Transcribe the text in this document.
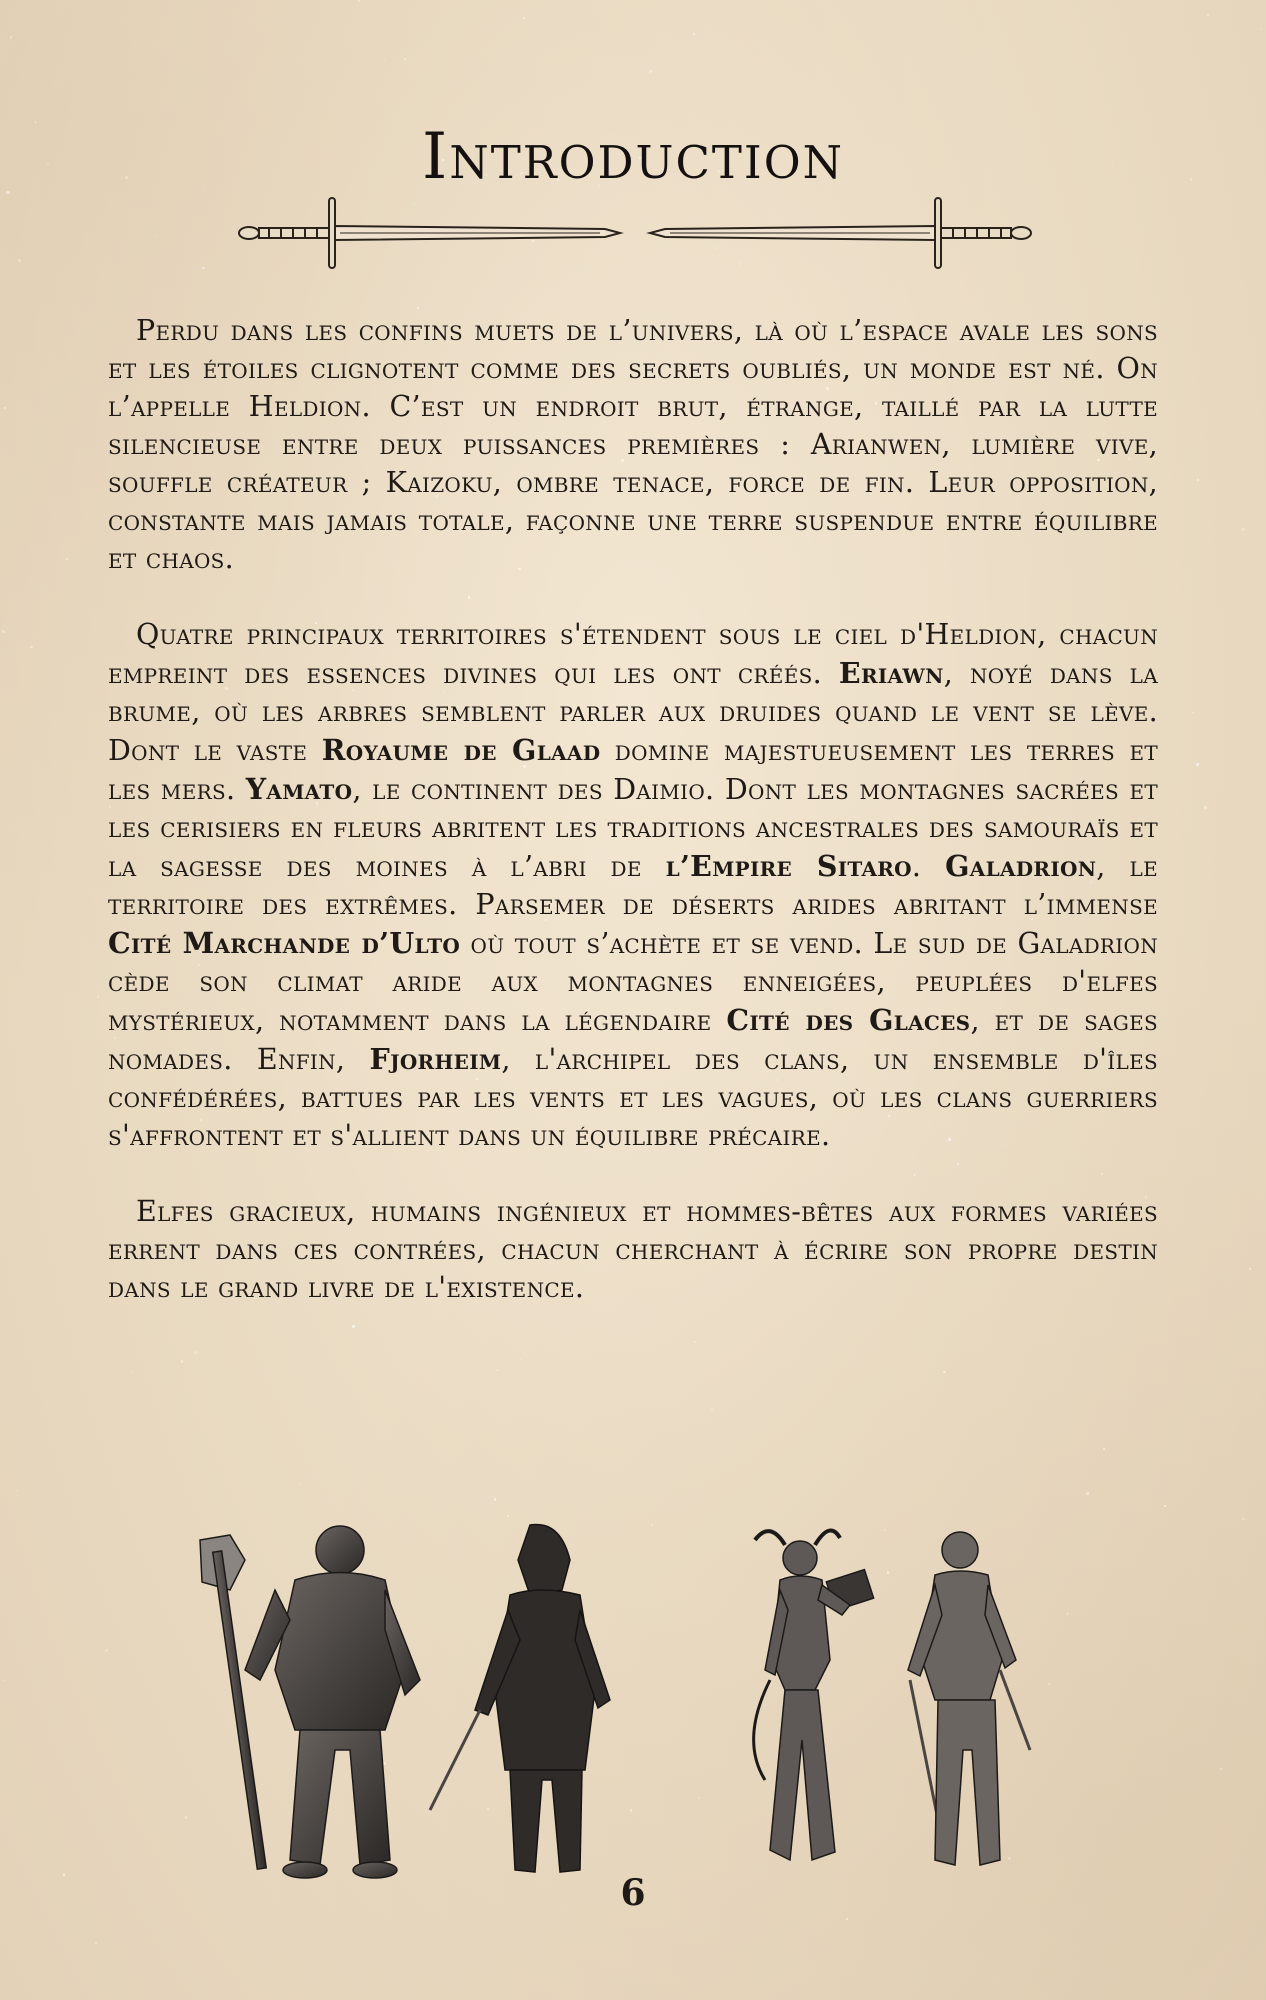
Introduction

Perdu dans les confins muets de l’univers, là où l’espace avale les sons et les étoiles clignotent comme des secrets oubliés, un monde est né. On l’appelle Heldion. C’est un endroit brut, étrange, taillé par la lutte silencieuse entre deux puissances premières : Arianwen, lumière vive, souffle créateur ; Kaizoku, ombre tenace, force de fin. Leur opposition, constante mais jamais totale, façonne une terre suspendue entre équilibre et chaos.

Quatre principaux territoires s'étendent sous le ciel d'Heldion, chacun empreint des essences divines qui les ont créés. Eriawn, noyé dans la brume, où les arbres semblent parler aux druides quand le vent se lève. Dont le vaste Royaume de Glaad domine majestueusement les terres et les mers. Yamato, le continent des Daimio. Dont les montagnes sacrées et les cerisiers en fleurs abritent les traditions ancestrales des samouraïs et la sagesse des moines à l’abri de l’Empire Sitaro. Galadrion, le territoire des extrêmes. Parsemer de déserts arides abritant l’immense Cité Marchande d’Ulto où tout s’achète et se vend. Le sud de Galadrion cède son climat aride aux montagnes enneigées, peuplées d'elfes mystérieux, notamment dans la légendaire Cité des Glaces, et de sages nomades. Enfin, Fjorheim, l'archipel des clans, un ensemble d'îles confédérées, battues par les vents et les vagues, où les clans guerriers s'affrontent et s'allient dans un équilibre précaire.

Elfes gracieux, humains ingénieux et hommes-bêtes aux formes variées errent dans ces contrées, chacun cherchant à écrire son propre destin dans le grand livre de l'existence.

6
